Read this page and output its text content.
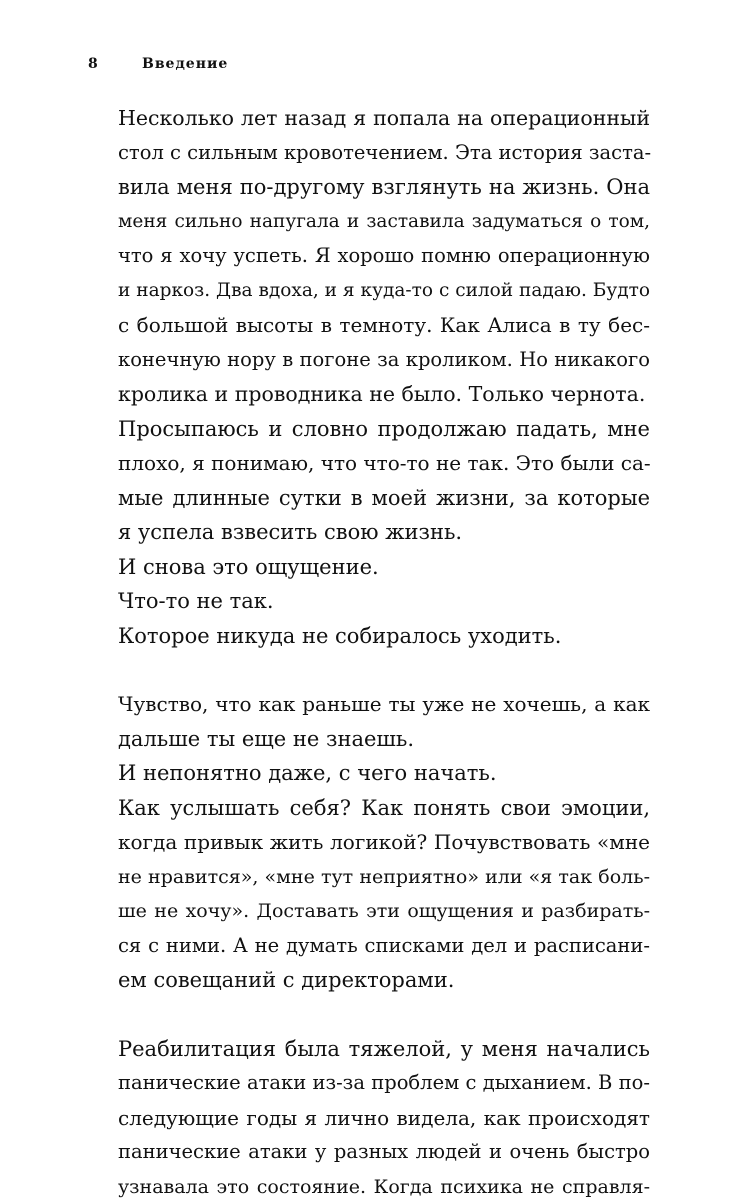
8	Введение
Несколько лет назад я попала на операционный
стол с сильным кровотечением. Эта история заста-
вила меня по-другому взглянуть на жизнь. Она
меня сильно напугала и заставила задуматься о том,
что я хочу успеть. Я хорошо помню операционную
и наркоз. Два вдоха, и я куда-то с силой падаю. Будто
с большой высоты в темноту. Как Алиса в ту бес-
конечную нору в погоне за кроликом. Но никакого
кролика и проводника не было. Только чернота.
Просыпаюсь и словно продолжаю падать, мне
плохо, я понимаю, что что-то не так. Это были са-
мые длинные сутки в моей жизни, за которые
я успела взвесить свою жизнь.
И снова это ощущение.
Что-то не так.
Которое никуда не собиралось уходить.
Чувство, что как раньше ты уже не хочешь, а как
дальше ты еще не знаешь.
И непонятно даже, с чего начать.
Как услышать себя? Как понять свои эмоции,
когда привык жить логикой? Почувствовать «мне
не нравится», «мне тут неприятно» или «я так боль-
ше не хочу». Доставать эти ощущения и разбирать-
ся с ними. А не думать списками дел и расписани-
ем совещаний с директорами.
Реабилитация была тяжелой, у меня начались
панические атаки из-за проблем с дыханием. В по-
следующие годы я лично видела, как происходят
панические атаки у разных людей и очень быстро
узнавала это состояние. Когда психика не справля-
